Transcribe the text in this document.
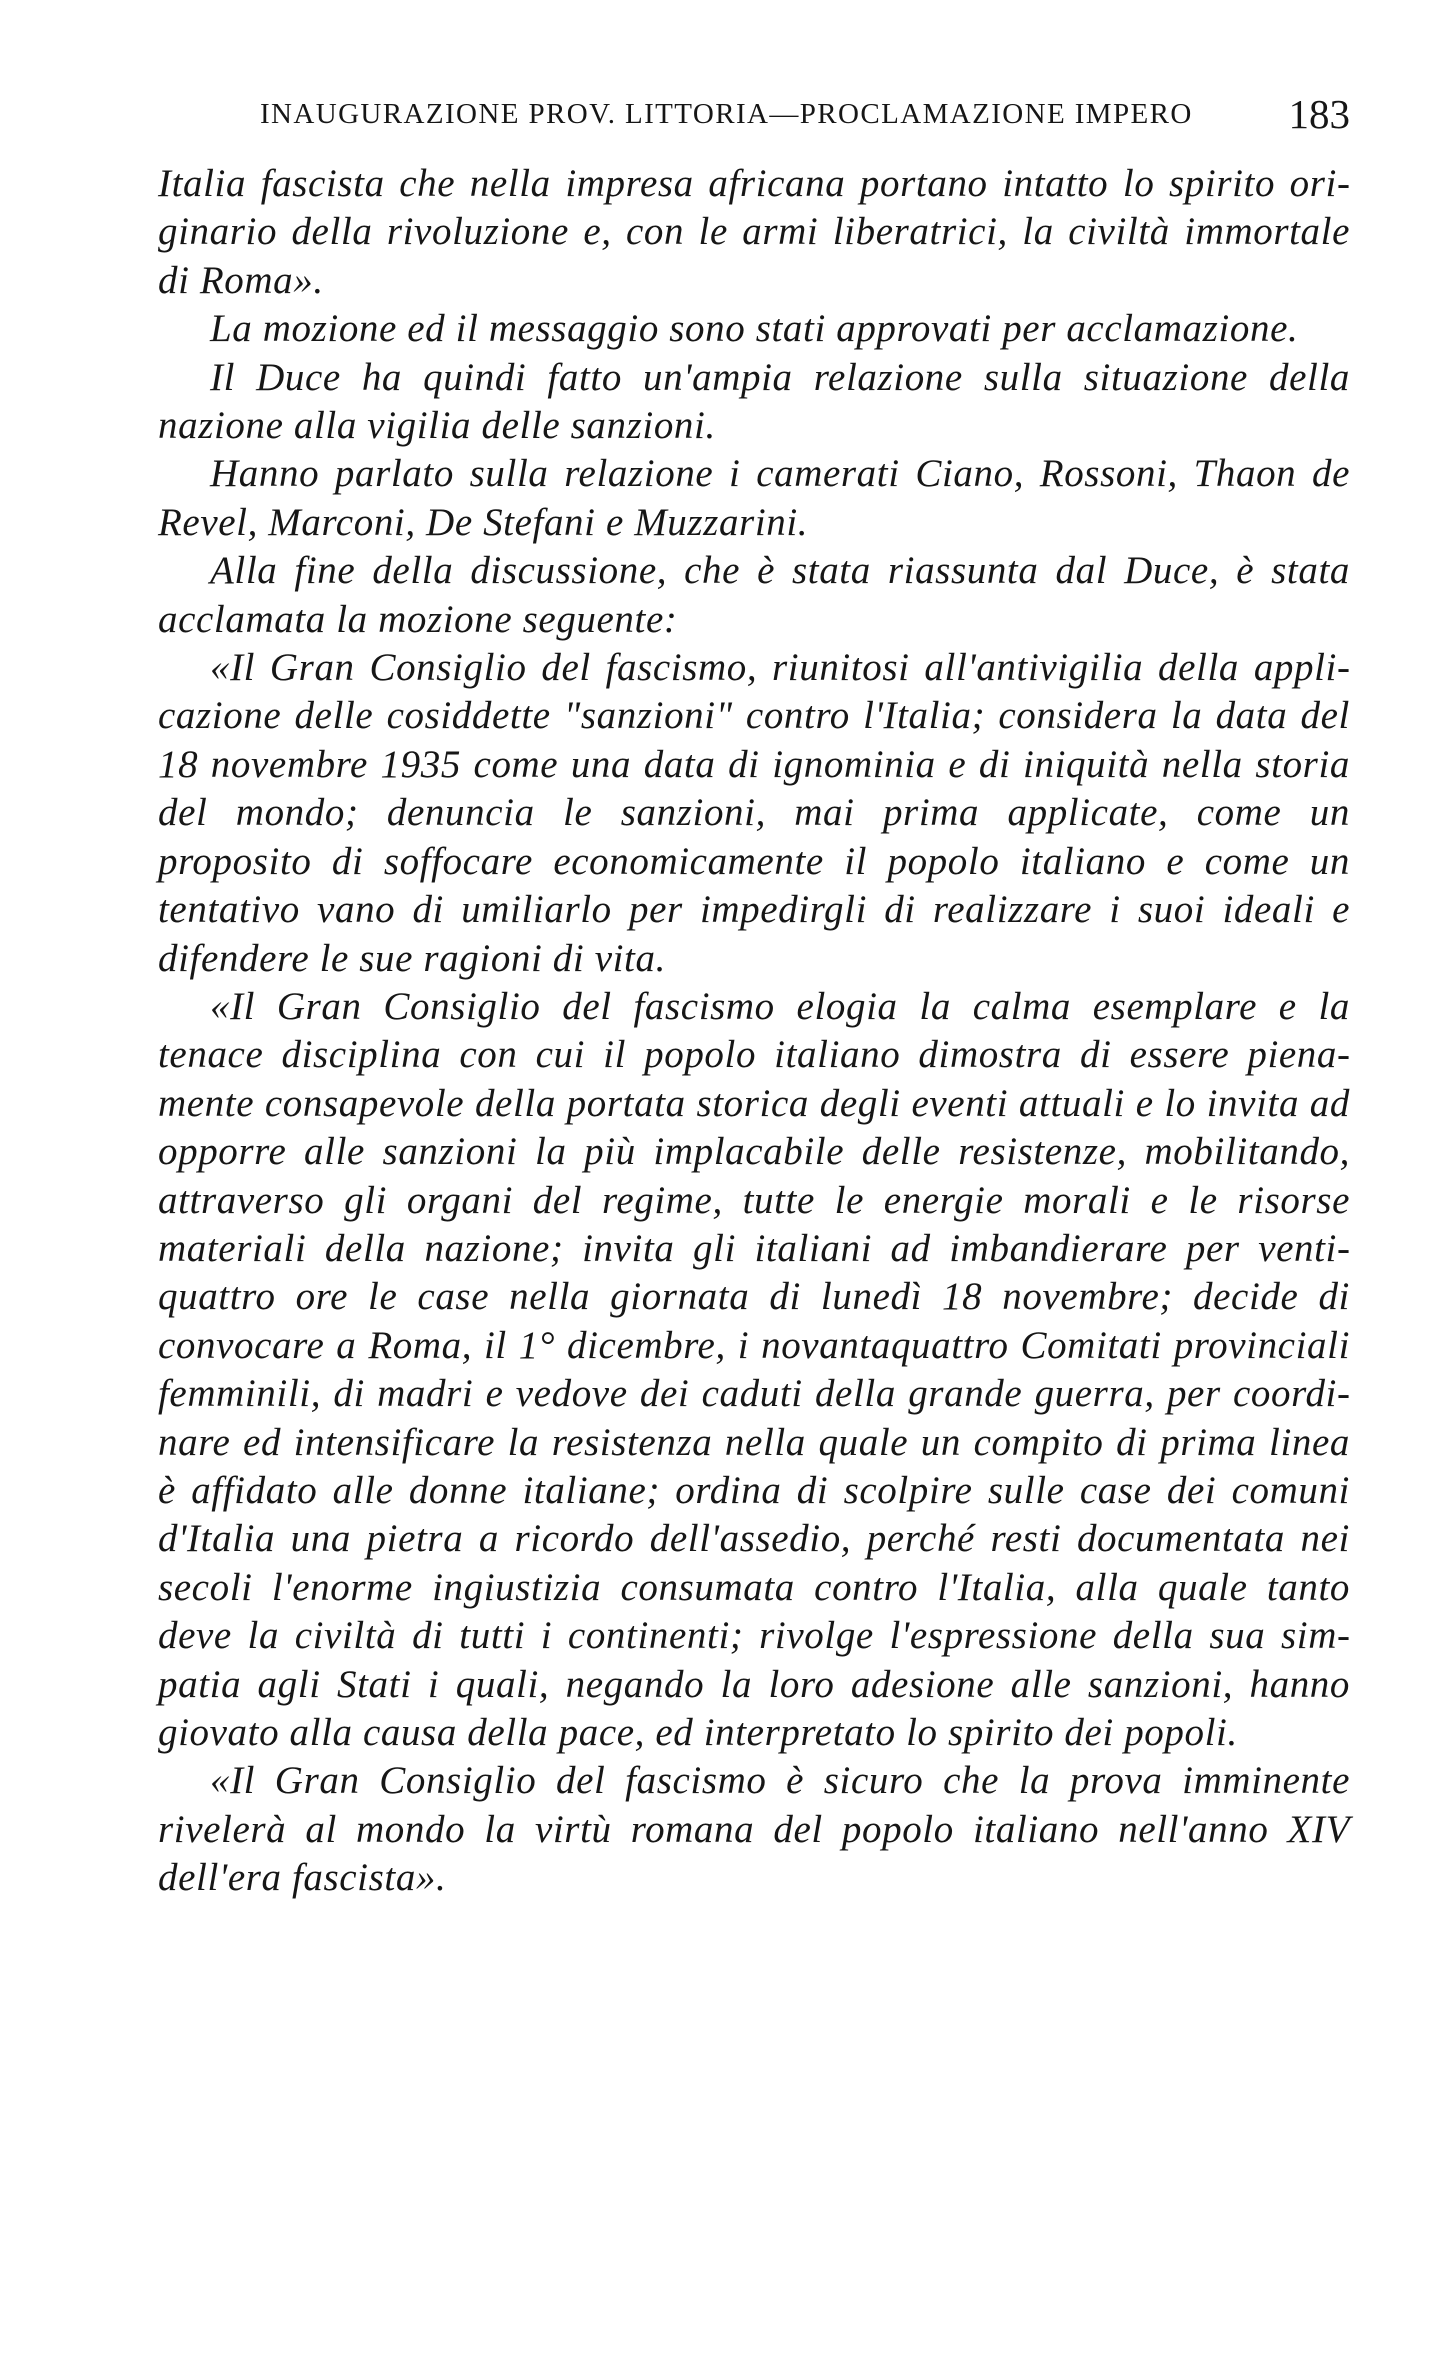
INAUGURAZIONE PROV. LITTORIA—PROCLAMAZIONE IMPERO 183

Italia fascista che nella impresa africana portano intatto lo spirito originario della rivoluzione e, con le armi liberatrici, la civiltà immortale di Roma».

La mozione ed il messaggio sono stati approvati per acclamazione.

Il Duce ha quindi fatto un'ampia relazione sulla situazione della nazione alla vigilia delle sanzioni.

Hanno parlato sulla relazione i camerati Ciano, Rossoni, Thaon de Revel, Marconi, De Stefani e Muzzarini.

Alla fine della discussione, che è stata riassunta dal Duce, è stata acclamata la mozione seguente:

«Il Gran Consiglio del fascismo, riunitosi all'antivigilia della applicazione delle cosiddette "sanzioni" contro l'Italia; considera la data del 18 novembre 1935 come una data di ignominia e di iniquità nella storia del mondo; denuncia le sanzioni, mai prima applicate, come un proposito di soffocare economicamente il popolo italiano e come un tentativo vano di umiliarlo per impedirgli di realizzare i suoi ideali e difendere le sue ragioni di vita.

«Il Gran Consiglio del fascismo elogia la calma esemplare e la tenace disciplina con cui il popolo italiano dimostra di essere pienamente consapevole della portata storica degli eventi attuali e lo invita ad opporre alle sanzioni la più implacabile delle resistenze, mobilitando, attraverso gli organi del regime, tutte le energie morali e le risorse materiali della nazione; invita gli italiani ad imbandierare per ventiquattro ore le case nella giornata di lunedì 18 novembre; decide di convocare a Roma, il 1° dicembre, i novantaquattro Comitati provinciali femminili, di madri e vedove dei caduti della grande guerra, per coordinare ed intensificare la resistenza nella quale un compito di prima linea è affidato alle donne italiane; ordina di scolpire sulle case dei comuni d'Italia una pietra a ricordo dell'assedio, perché resti documentata nei secoli l'enorme ingiustizia consumata contro l'Italia, alla quale tanto deve la civiltà di tutti i continenti; rivolge l'espressione della sua simpatia agli Stati i quali, negando la loro adesione alle sanzioni, hanno giovato alla causa della pace, ed interpretato lo spirito dei popoli.

«Il Gran Consiglio del fascismo è sicuro che la prova imminente rivelerà al mondo la virtù romana del popolo italiano nell'anno XIV dell'era fascista».
